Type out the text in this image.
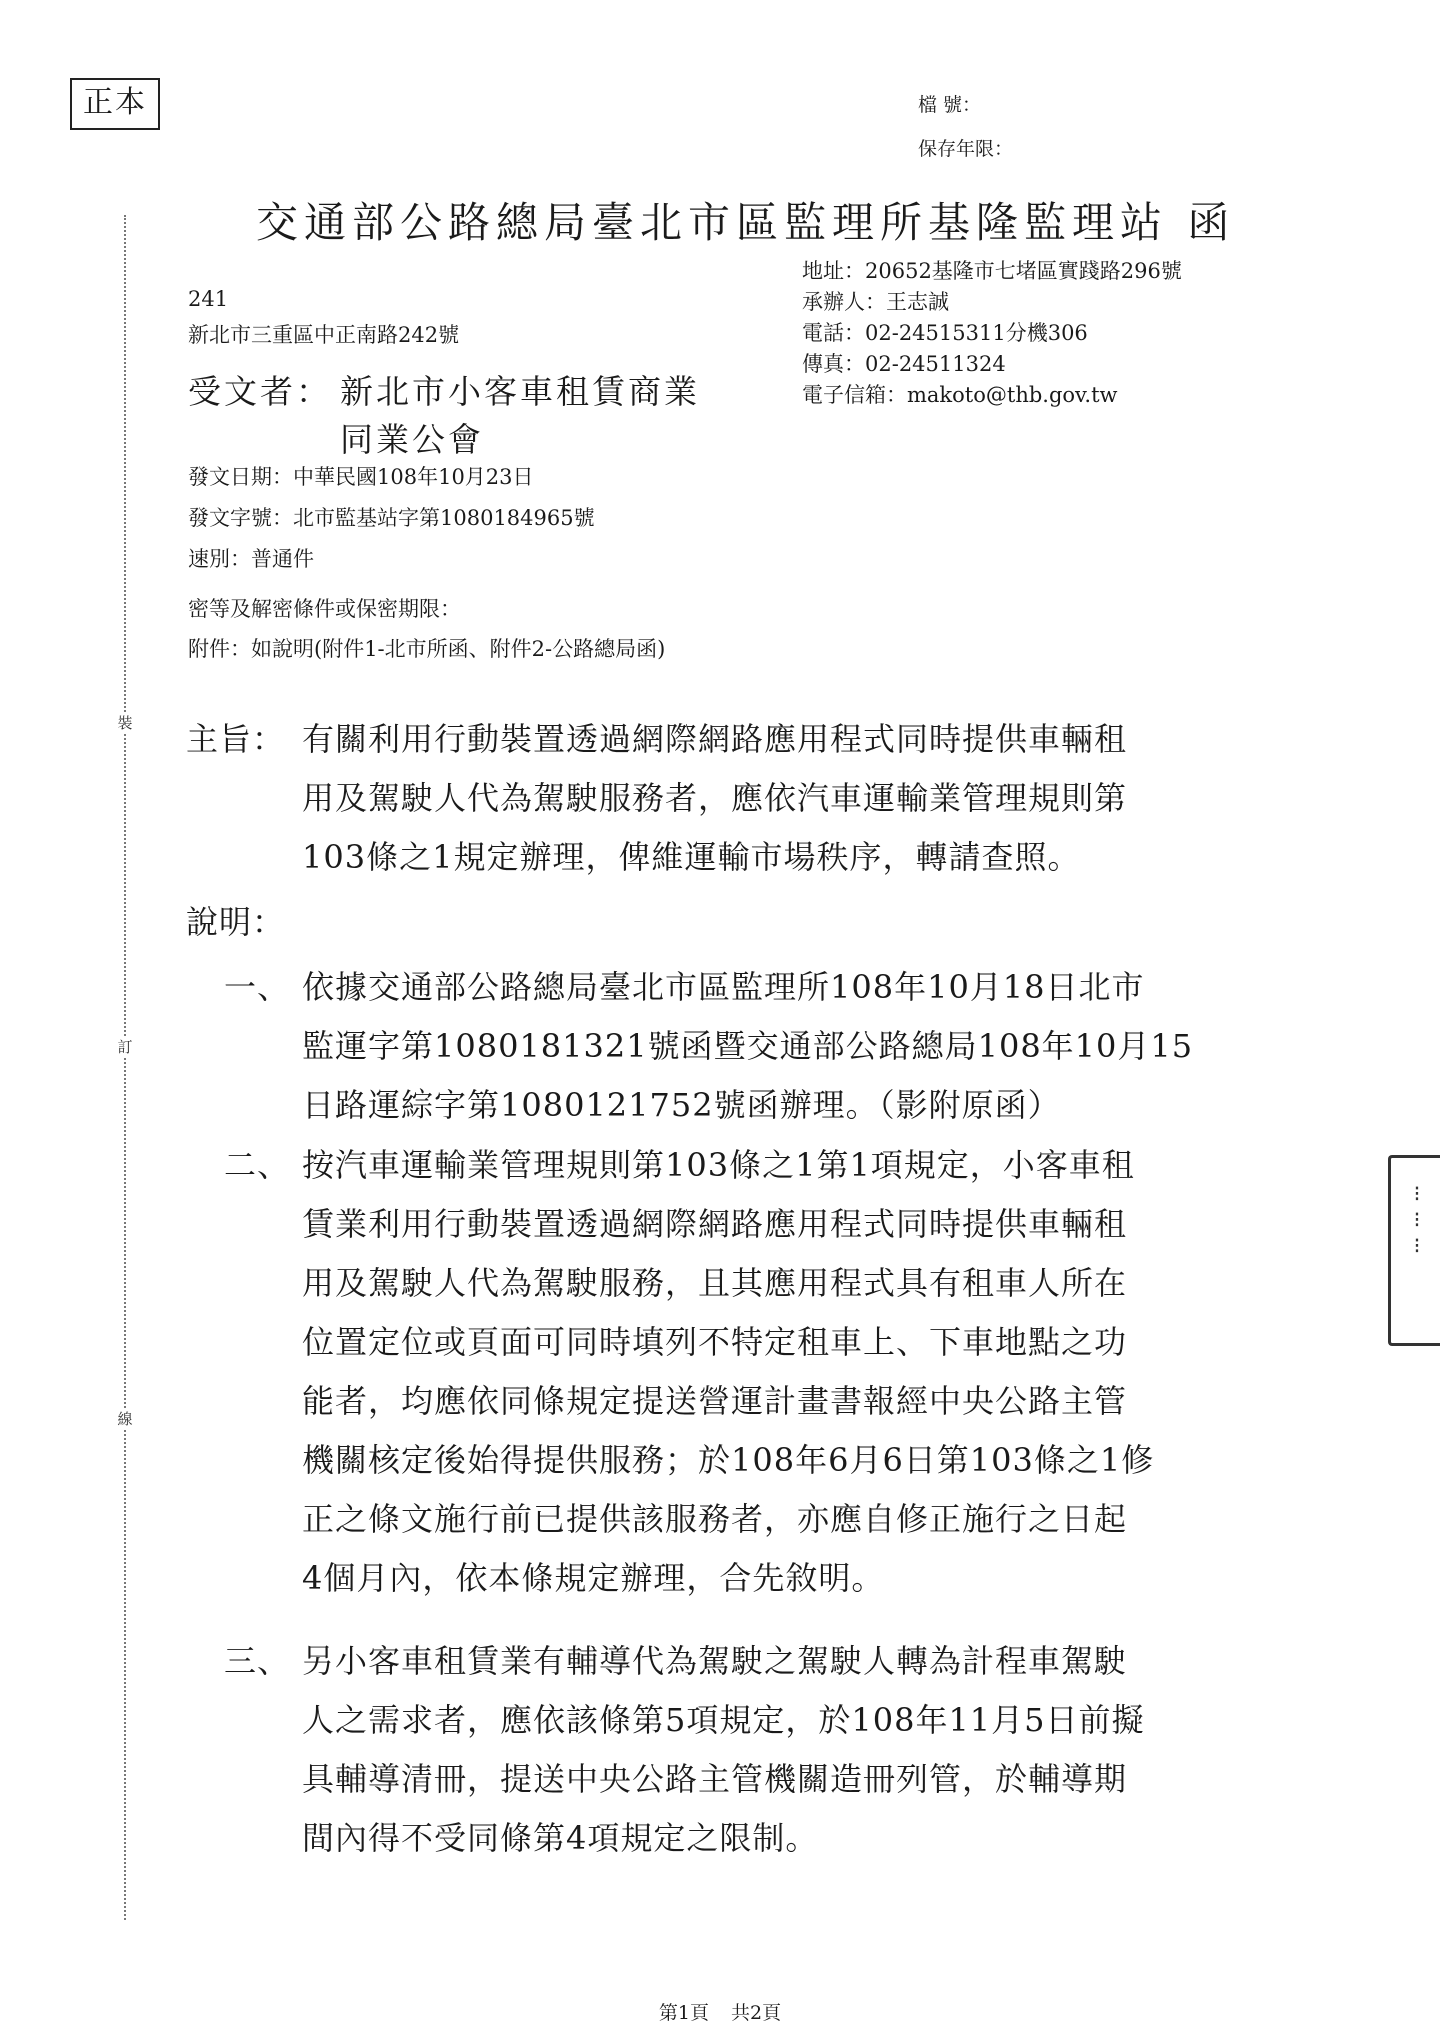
正本	檔 號：
保存年限：
交通部公路總局臺北市區監理所基隆監理站 函
裝
訂
線
地址：20652基隆市七堵區實踐路296號
承辦人：王志誠
電話：02-24515311分機306
傳真：02-24511324
電子信箱：makoto@thb.gov.tw
241
新北市三重區中正南路242號
受文者： 新北市小客車租賃商業
同業公會
發文日期：中華民國108年10月23日
發文字號：北市監基站字第1080184965號
速別：普通件
密等及解密條件或保密期限：
附件：如說明(附件1-北市所函、附件2-公路總局函)
主旨： 有關利用行動裝置透過網際網路應用程式同時提供車輛租
用及駕駛人代為駕駛服務者，應依汽車運輸業管理規則第
103條之1規定辦理，俾維運輸市場秩序，轉請查照。
說明：
一、 依據交通部公路總局臺北市區監理所108年10月18日北市
監運字第1080181321號函暨交通部公路總局108年10月15
日路運綜字第1080121752號函辦理。（影附原函）
二、 按汽車運輸業管理規則第103條之1第1項規定，小客車租
賃業利用行動裝置透過網際網路應用程式同時提供車輛租
用及駕駛人代為駕駛服務，且其應用程式具有租車人所在
位置定位或頁面可同時填列不特定租車上、下車地點之功
能者，均應依同條規定提送營運計畫書報經中央公路主管
機關核定後始得提供服務；於108年6月6日第103條之1修
正之條文施行前已提供該服務者，亦應自修正施行之日起
4個月內，依本條規定辦理，合先敘明。
三、 另小客車租賃業有輔導代為駕駛之駕駛人轉為計程車駕駛
人之需求者，應依該條第5項規定，於108年11月5日前擬
具輔導清冊，提送中央公路主管機關造冊列管，於輔導期
間內得不受同條第4項規定之限制。
⁝
⁝
⁝
第1頁 共2頁
